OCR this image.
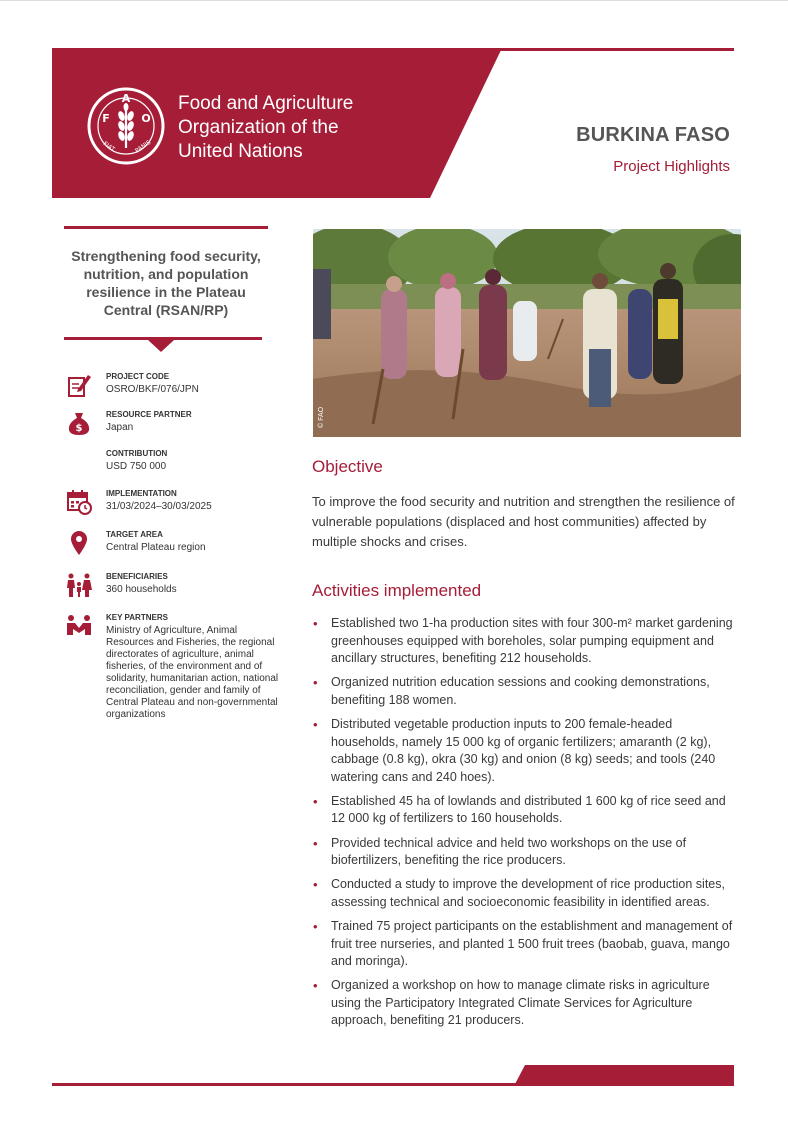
A
F	O
FIAT	PANIS
Food and Agriculture
Organization of the
United Nations
BURKINA FASO
Project Highlights
Strengthening food security, nutrition, and population resilience in the Plateau Central (RSAN/RP)
PROJECT CODE
OSRO/BKF/076/JPN
$
RESOURCE PARTNER
Japan
CONTRIBUTION
USD 750 000
IMPLEMENTATION
31/03/2024–30/03/2025
TARGET AREA
Central Plateau region
BENEFICIARIES
360 households
KEY PARTNERS
Ministry of Agriculture, Animal Resources and Fisheries, the regional directorates of agriculture, animal fisheries, of the environment and of solidarity, humanitarian action, national reconciliation, gender and family of Central Plateau and non-governmental organizations
© FAO
Objective
To improve the food security and nutrition and strengthen the resilience of vulnerable populations (displaced and host communities) affected by multiple shocks and crises.
Activities implemented
• Established two 1-ha production sites with four 300-m² market gardening greenhouses equipped with boreholes, solar pumping equipment and ancillary structures, benefiting 212 households.
• Organized nutrition education sessions and cooking demonstrations, benefiting 188 women.
• Distributed vegetable production inputs to 200 female-headed households, namely 15 000 kg of organic fertilizers; amaranth (2 kg), cabbage (0.8 kg), okra (30 kg) and onion (8 kg) seeds; and tools (240 watering cans and 240 hoes).
• Established 45 ha of lowlands and distributed 1 600 kg of rice seed and 12 000 kg of fertilizers to 160 households.
• Provided technical advice and held two workshops on the use of biofertilizers, benefiting the rice producers.
• Conducted a study to improve the development of rice production sites, assessing technical and socioeconomic feasibility in identified areas.
• Trained 75 project participants on the establishment and management of fruit tree nurseries, and planted 1 500 fruit trees (baobab, guava, mango and moringa).
• Organized a workshop on how to manage climate risks in agriculture using the Participatory Integrated Climate Services for Agriculture approach, benefiting 21 producers.
